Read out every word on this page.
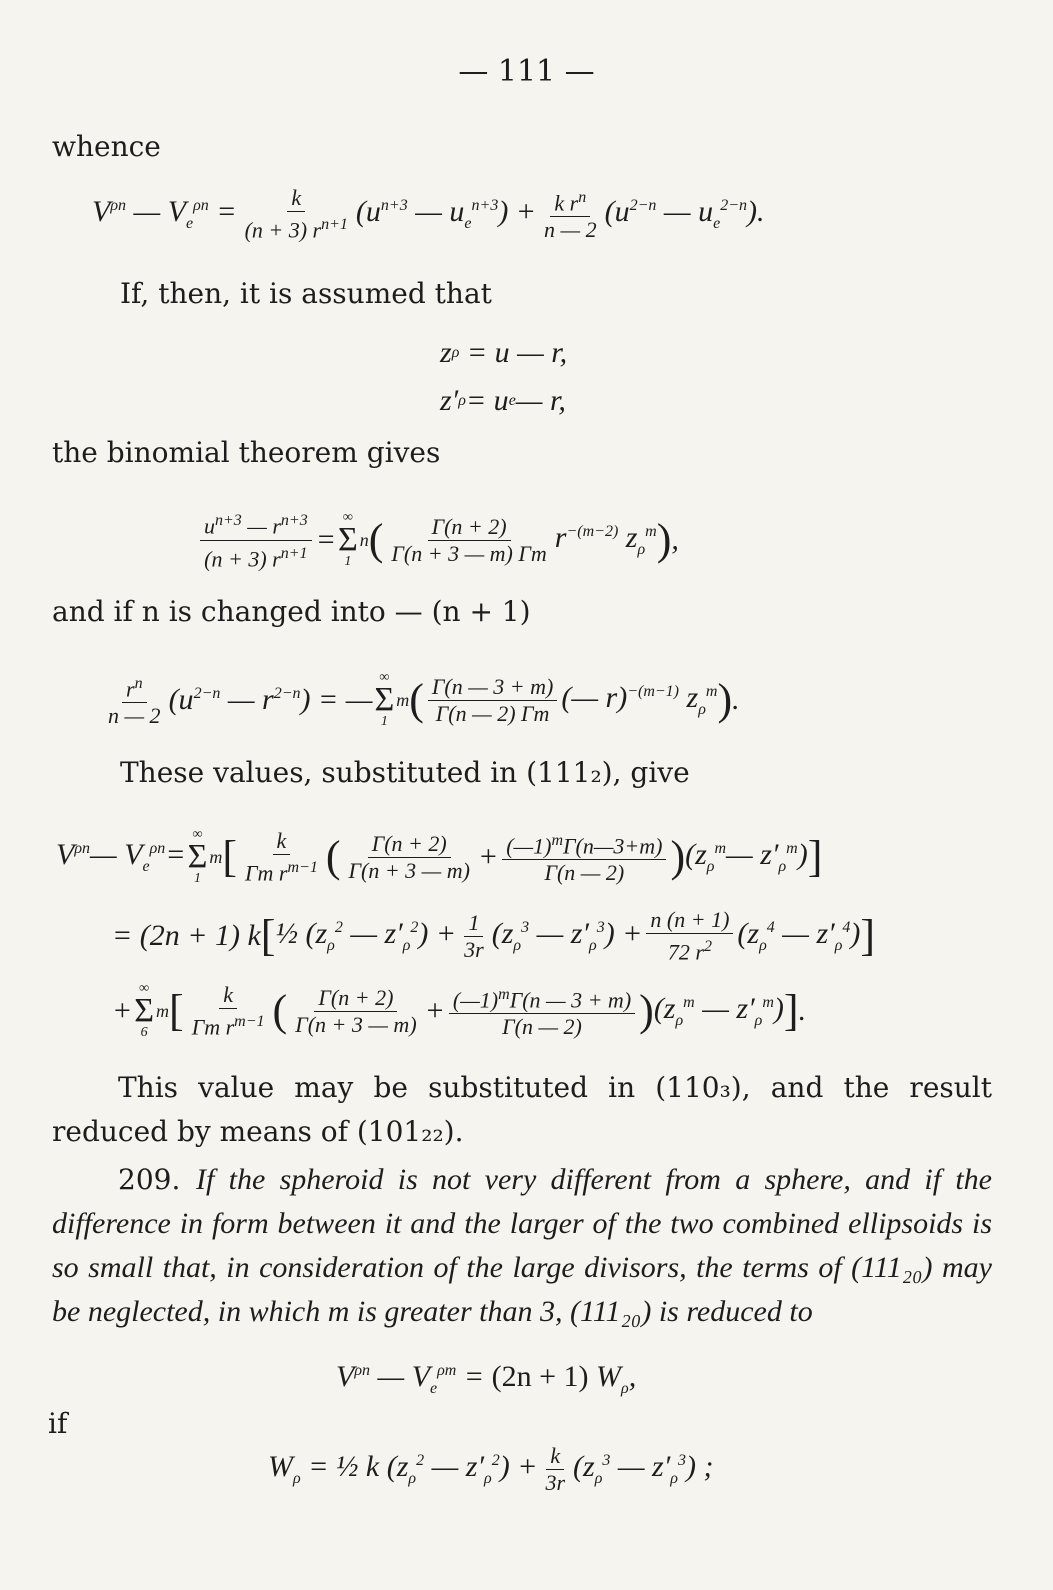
— 111 —
whence
$V^{\rho n}$ — $V_e^{\rho n} = \frac{k}{(n + 3) r^{n+1}} (u^{n+3}$ — $u_e^{n+3}) + \frac{k r^n}{n — 2} (u^{2-n}$ — $u_e^{2-n}$).
If, then, it is assumed that
z ρ = u — r,
z′ ρ = u e — r,
the binomial theorem gives
$\frac{u^{n+3} — r^{n+3}}{(n + 3) r^{n+1}}$ =
∞
Σ
1
n ( $\frac{\Gamma(n + 2)}{\Gamma(n + 3 — m) \Gamma m} r^{-(m-2)}$ $z_\rho^m$ ) ,
and if n is changed into — (n + 1)
$\frac{r^n}{n — 2} (u^{2-n}$ — $r^{2-n}$) = —
∞
Σ
1
m ( $\frac{\Gamma(n — 3 + m)}{\Gamma(n — 2) \Gamma m}$ (— r)$^{-(m-1)}$ $z_\rho^m$ ) .
These values, substituted in (111₂), give
$V^{\rho n}—$ $V_e^{\rho n}=$
∞
Σ
1
m [ $\frac{k}{\Gamma m r^{m-1}}$ ( $\frac{\Gamma(n + 2)}{\Gamma(n + 3 — m)} + \frac{(—1)^m\Gamma(n—3+m)}{\Gamma(n — 2)}$ ) ($z_\rho^m—$ $z'_\rho^m$) ]
= (2n + 1) k [ ½ ($z_\rho^2$ — $z'_\rho^2) + \frac{1}{3r} (z_\rho^3$ — $z'_\rho^3) + \frac{n (n + 1)}{72 r^2} (z_\rho^4$ — $z'_\rho^4$) ]
+
∞
Σ
6
m [ $\frac{k}{\Gamma m r^{m-1}}$ ( $\frac{\Gamma(n + 2)}{\Gamma(n + 3 — m)} + \frac{(—1)^m\Gamma(n — 3 + m)}{\Gamma(n — 2)}$ ) ($z_\rho^m$ — $z'_\rho^m$) ] .
This value may be substituted in (110₃), and the result reduced by means of (101₂₂).
209. If the spheroid is not very different from a sphere, and if the difference in form between it and the larger of the two combined ellipsoids is so small that, in consideration of the large divisors, the terms of (111₂₀) may be neglected, in which m is greater than 3, (111₂₀) is reduced to
$V^{\rho n}$ — $V_e^{\rho m} = (2n + 1)$ $W_\rho$,
if
$W_\rho$ = ½ k ($z_\rho^2$ — $z'_\rho^2) + \frac{k}{3r} (z_\rho^3$ — $z'_\rho^3$) ;
